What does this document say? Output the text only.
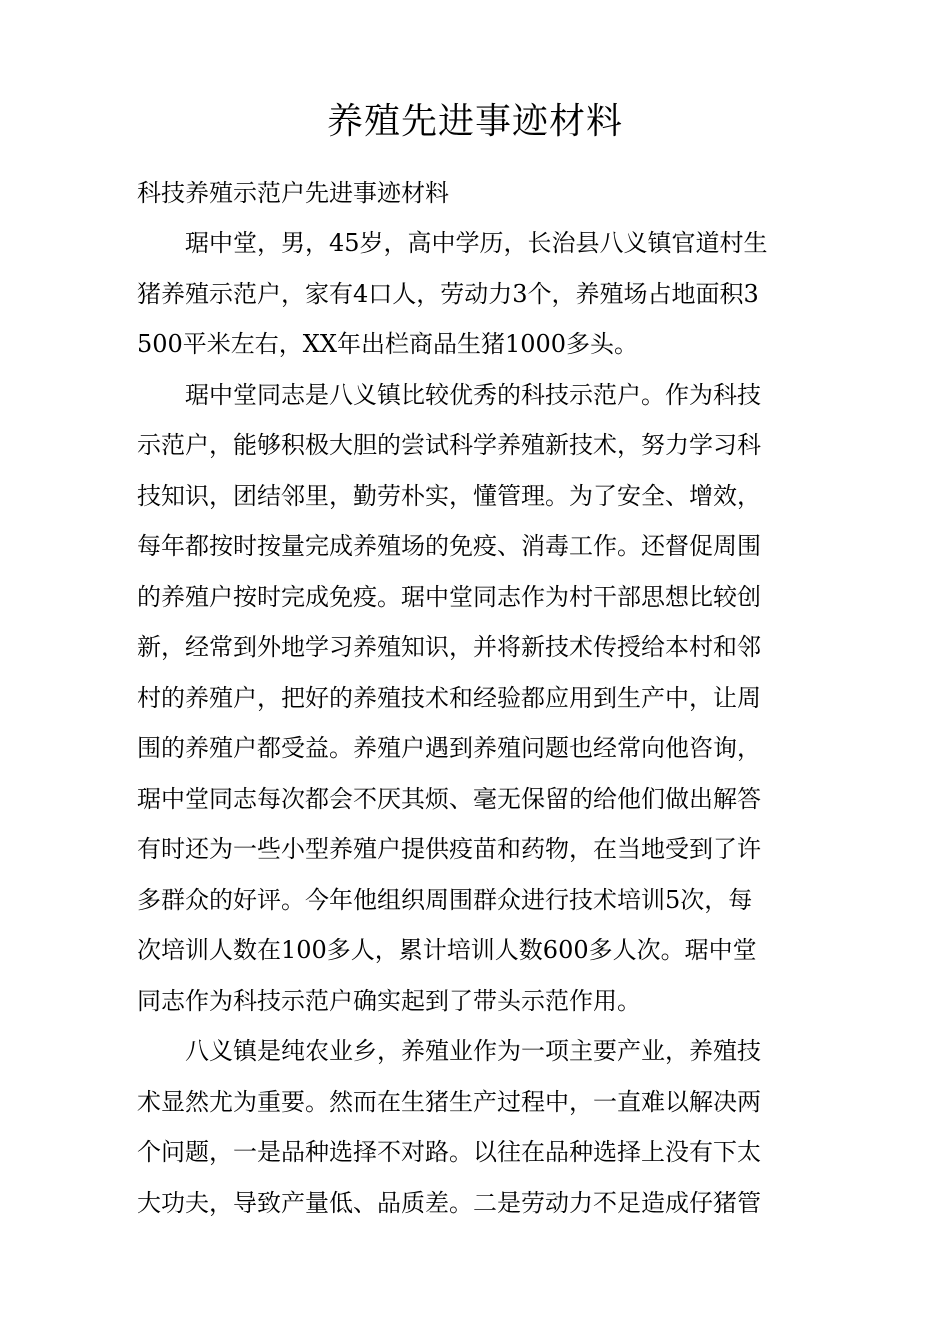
养殖先进事迹材料

科技养殖示范户先进事迹材料

琚中堂，男，45岁，高中学历，长治县八义镇官道村生
猪养殖示范户，家有4口人，劳动力3个，养殖场占地面积3
500平米左右，XX年出栏商品生猪1000多头。

琚中堂同志是八义镇比较优秀的科技示范户。作为科技
示范户，能够积极大胆的尝试科学养殖新技术，努力学习科
技知识，团结邻里，勤劳朴实，懂管理。为了安全、增效，
每年都按时按量完成养殖场的免疫、消毒工作。还督促周围
的养殖户按时完成免疫。琚中堂同志作为村干部思想比较创
新，经常到外地学习养殖知识，并将新技术传授给本村和邻
村的养殖户，把好的养殖技术和经验都应用到生产中，让周
围的养殖户都受益。养殖户遇到养殖问题也经常向他咨询，
琚中堂同志每次都会不厌其烦、毫无保留的给他们做出解答
有时还为一些小型养殖户提供疫苗和药物，在当地受到了许
多群众的好评。今年他组织周围群众进行技术培训5次，每
次培训人数在100多人，累计培训人数600多人次。琚中堂
同志作为科技示范户确实起到了带头示范作用。

八义镇是纯农业乡，养殖业作为一项主要产业，养殖技
术显然尤为重要。然而在生猪生产过程中，一直难以解决两
个问题，一是品种选择不对路。以往在品种选择上没有下太
大功夫，导致产量低、品质差。二是劳动力不足造成仔猪管
